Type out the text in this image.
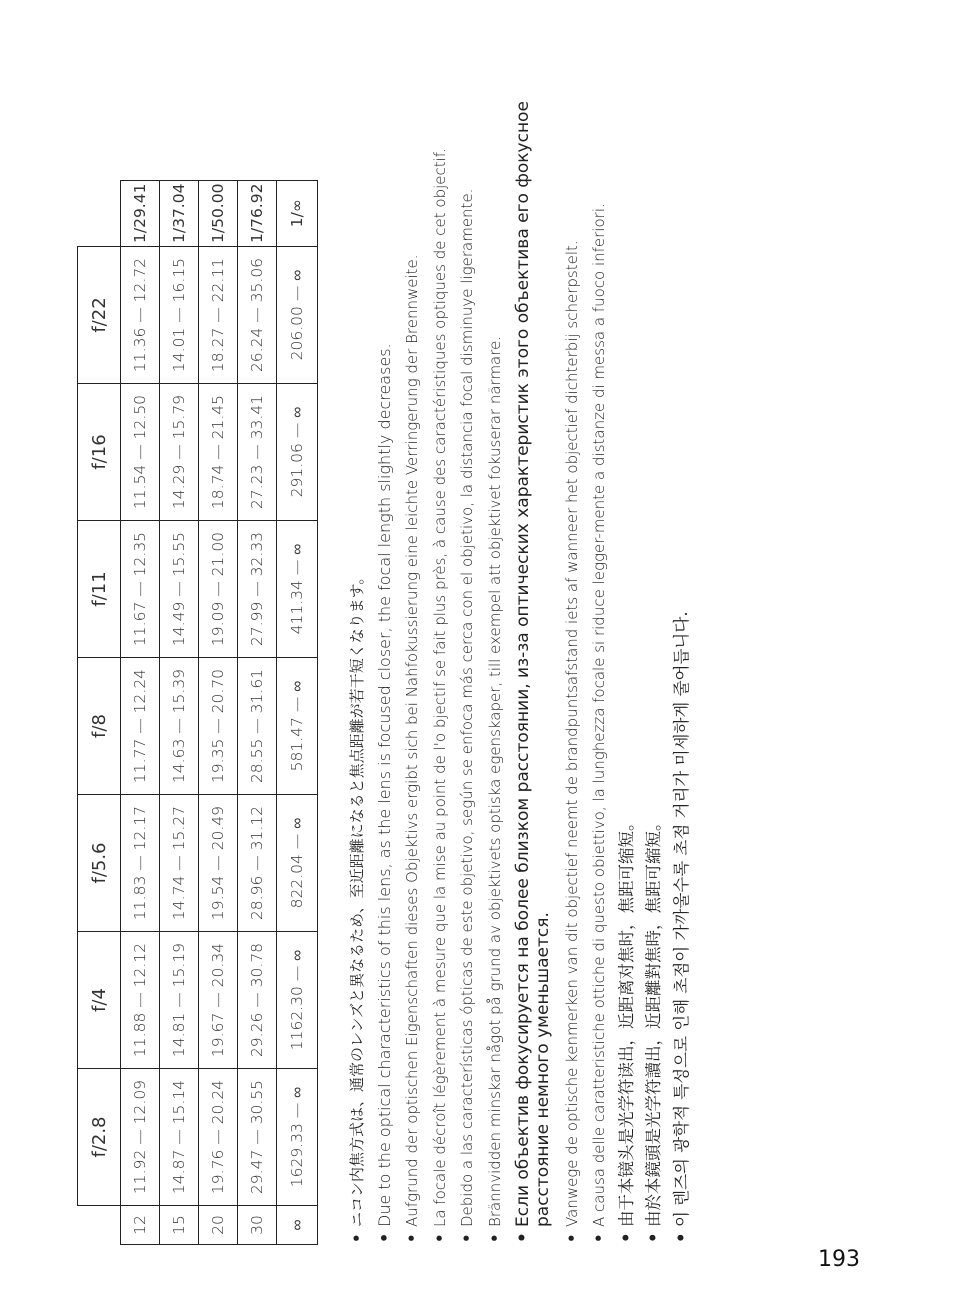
	f/2.8	f/4	f/5.6	f/8	f/11	f/16	f/22	
12	11.92 — 12.09	11.88 — 12.12	11.83 — 12.17	11.77 — 12.24	11.67 — 12.35	11.54 — 12.50	11.36 — 12.72	1/29.41
15	14.87 — 15.14	14.81 — 15.19	14.74 — 15.27	14.63 — 15.39	14.49 — 15.55	14.29 — 15.79	14.01 — 16.15	1/37.04
20	19.76 — 20.24	19.67 — 20.34	19.54 — 20.49	19.35 — 20.70	19.09 — 21.00	18.74 — 21.45	18.27 — 22.11	1/50.00
30	29.47 — 30.55	29.26 — 30.78	28.96 — 31.12	28.55 — 31.61	27.99 — 32.33	27.23 — 33.41	26.24 — 35.06	1/76.92
∞	1629.33 — ∞	1162.30 — ∞	822.04 — ∞	581.47 — ∞	411.34 — ∞	291.06 — ∞	206.00 — ∞	1/∞
•
ニコン内焦方式は、通常のレンズと異なるため、至近距離になると焦点距離が若干短くなります。
•
Due to the optical characteristics of this lens, as the lens is focused closer, the focal length slightly decreases.
•
Aufgrund der optischen Eigenschaften dieses Objektivs ergibt sich bei Nahfokussierung eine leichte Verringerung der Brennweite.
•
La focale décroît légèrement à mesure que la mise au point de l'o bjectif se fait plus près, à cause des caractéristiques optiques de cet objectif.
•
Debido a las características ópticas de este objetivo, según se enfoca más cerca con el objetivo, la distancia focal disminuye ligeramente.
•
Brännvidden minskar något på grund av objektivets optiska egenskaper, till exempel att objektivet fokuserar närmare.
•
Если объектив фокусируется на более близком расстоянии, из-за оптических характеристик этого объектива его фокусное расстояние немного уменьшается.
•
Vanwege de optische kenmerken van dit objectief neemt de brandpuntsafstand iets af wanneer het objectief dichterbij scherpstelt.
•
A causa delle caratteristiche ottiche di questo obiettivo, la lunghezza focale si riduce legger-mente a distanze di messa a fuoco inferiori.
•
由于本镜头是光学符读出，近距离对焦时，焦距可缩短。
•
由於本鏡頭是光学符讀出，近距離對焦時，焦距可縮短。
•
이 렌즈의 광학적 특성으로 인해 초점이 가까울수록 초점 거리가 미세하게 줄어듭니다.
193
